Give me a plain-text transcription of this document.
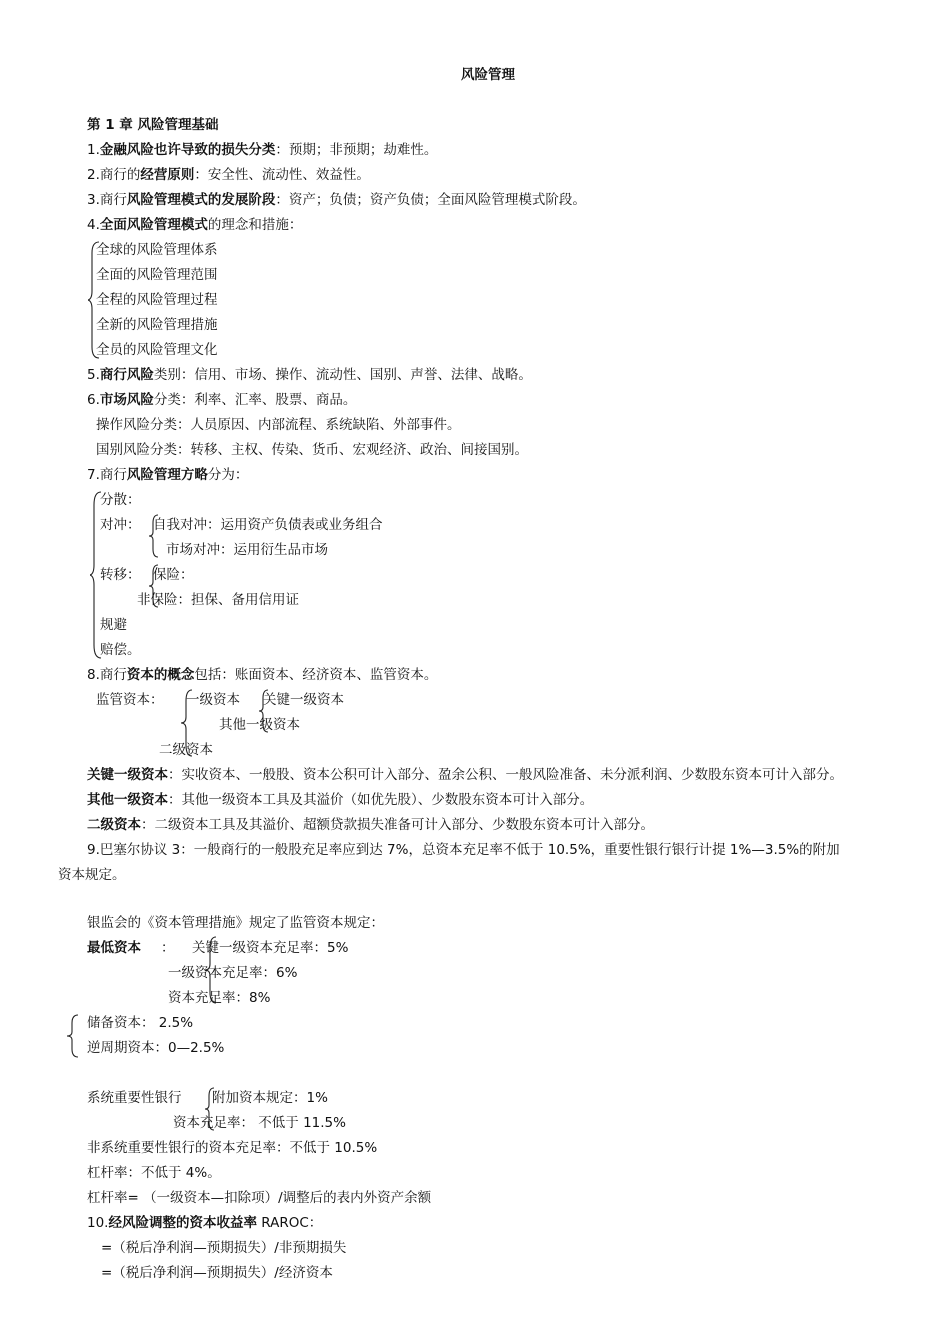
风险管理
第 1 章 风险管理基础
1.金融风险也许导致的损失分类：预期；非预期；劫难性。
2.商行的经营原则：安全性、流动性、效益性。
3.商行风险管理模式的发展阶段：资产；负债；资产负债；全面风险管理模式阶段。
4.全面风险管理模式的理念和措施：
全球的风险管理体系
全面的风险管理范围
全程的风险管理过程
全新的风险管理措施
全员的风险管理文化
5.商行风险类别：信用、市场、操作、流动性、国别、声誉、法律、战略。
6.市场风险分类：利率、汇率、股票、商品。
操作风险分类：人员原因、内部流程、系统缺陷、外部事件。
国别风险分类：转移、主权、传染、货币、宏观经济、政治、间接国别。
7.商行风险管理方略分为：
分散：
对冲： 自我对冲：运用资产负债表或业务组合
市场对冲：运用衍生品市场
转移： 保险：
非保险：担保、备用信用证
规避
赔偿。
8.商行资本的概念包括：账面资本、经济资本、监管资本。
监管资本： 一级资本 关键一级资本
其他一级资本
二级资本
关键一级资本：实收资本、一般股、资本公积可计入部分、盈余公积、一般风险准备、未分派利润、少数股东资本可计入部分。
其他一级资本：其他一级资本工具及其溢价（如优先股）、少数股东资本可计入部分。
二级资本：二级资本工具及其溢价、超额贷款损失准备可计入部分、少数股东资本可计入部分。
9.巴塞尔协议 3：一般商行的一般股充足率应到达 7%，总资本充足率不低于 10.5%，重要性银行银行计提 1%—3.5%的附加
资本规定。
银监会的《资本管理措施》规定了监管资本规定：
最低资本 ： 关键一级资本充足率：5%
一级资本充足率：6%
资本充足率：8%
储备资本： 2.5%
逆周期资本：0—2.5%
系统重要性银行 附加资本规定：1%
资本充足率： 不低于 11.5%
非系统重要性银行的资本充足率：不低于 10.5%
杠杆率：不低于 4%。
杠杆率= （一级资本—扣除项）/调整后的表内外资产余额
10.经风险调整的资本收益率 RAROC：
=（税后净利润—预期损失）/非预期损失
=（税后净利润—预期损失）/经济资本
